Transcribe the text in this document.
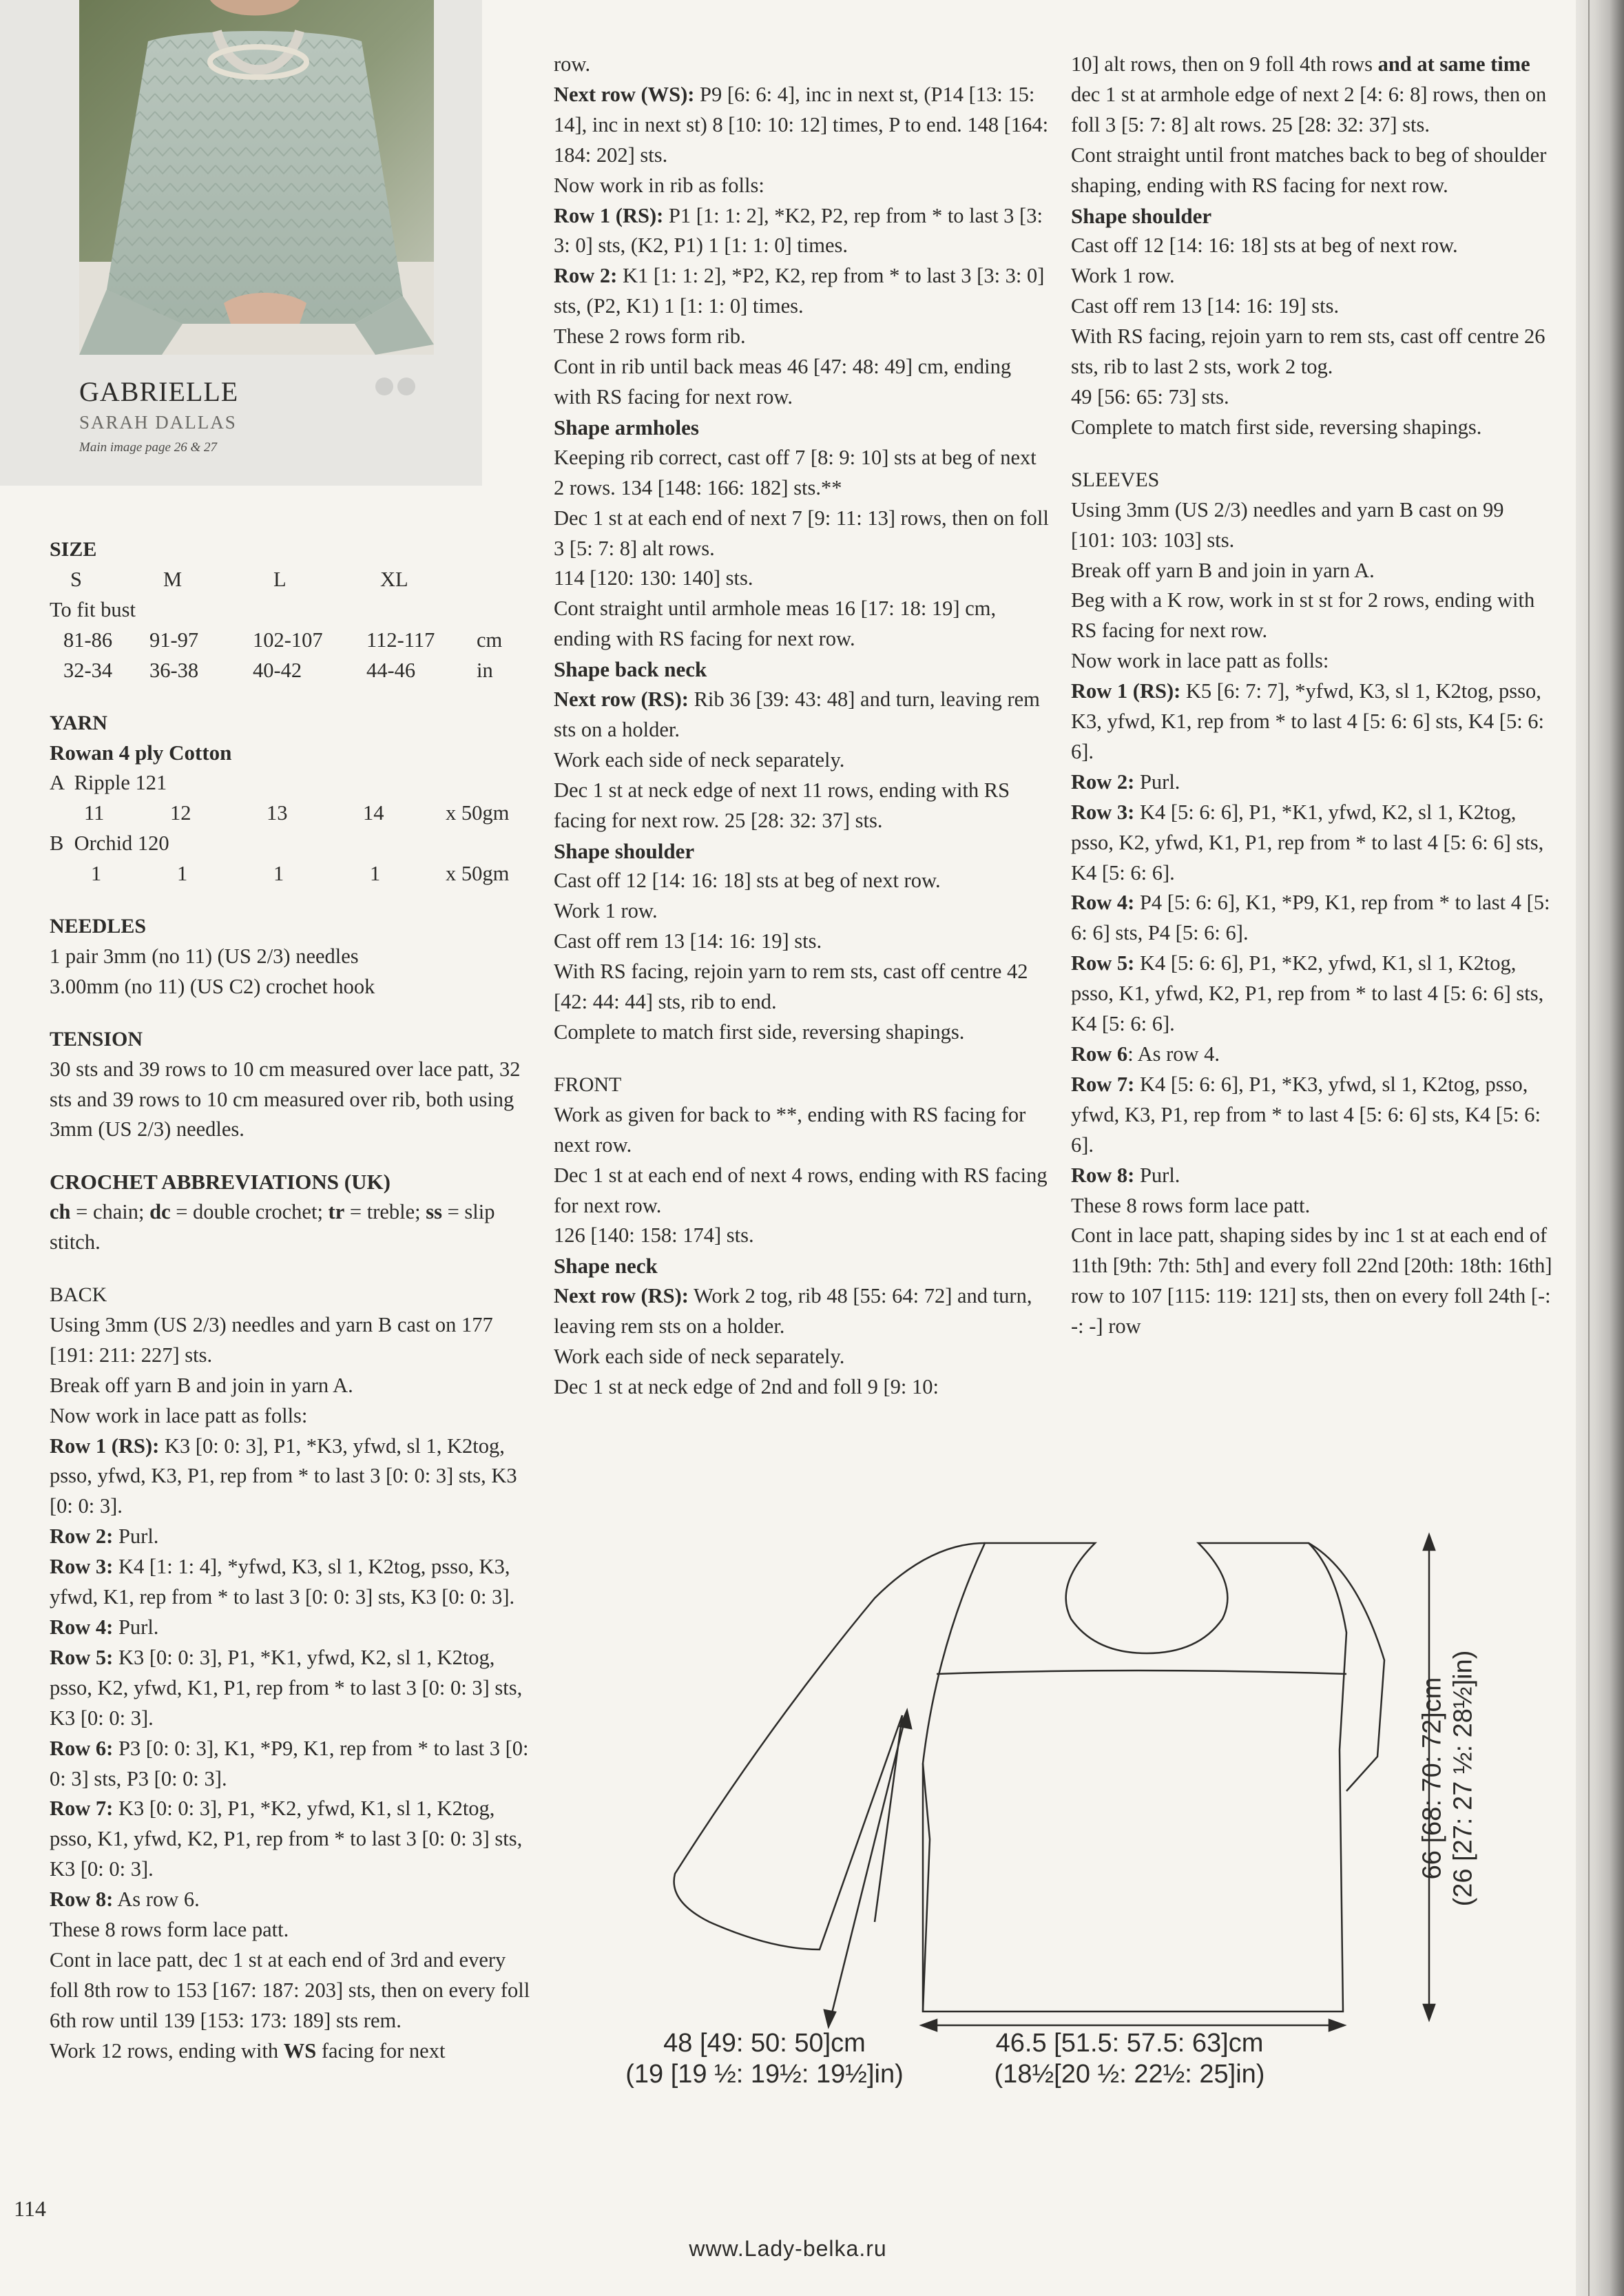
GABRIELLE
SARAH DALLAS
Main image page 26 & 27

SIZE

S	M	L	XL	
To fit bust				
81-86	91-97	102-107	112-117	cm
32-34	36-38	40-42	44-46	in

YARN

Rowan 4 ply Cotton

A  Ripple 121				
11	12	13	14	x 50gm
B  Orchid 120				
1	1	1	1	x 50gm

NEEDLES

1 pair 3mm (no 11) (US 2/3) needles

3.00mm (no 11) (US C2) crochet hook

TENSION

30 sts and 39 rows to 10 cm measured over lace patt, 32 sts and 39 rows to 10 cm measured over rib, both using 3mm (US 2/3) needles.

CROCHET ABBREVIATIONS (UK)

ch = chain; dc = double crochet; tr = treble; ss = slip stitch.

BACK

Using 3mm (US 2/3) needles and yarn B cast on 177 [191: 211: 227] sts.

Break off yarn B and join in yarn A.

Now work in lace patt as folls:

Row 1 (RS): K3 [0: 0: 3], P1, *K3, yfwd, sl 1, K2tog, psso, yfwd, K3, P1, rep from * to last 3 [0: 0: 3] sts, K3 [0: 0: 3].

Row 2: Purl.

Row 3: K4 [1: 1: 4], *yfwd, K3, sl 1, K2tog, psso, K3, yfwd, K1, rep from * to last 3 [0: 0: 3] sts, K3 [0: 0: 3].

Row 4: Purl.

Row 5: K3 [0: 0: 3], P1, *K1, yfwd, K2, sl 1, K2tog, psso, K2, yfwd, K1, P1, rep from * to last 3 [0: 0: 3] sts, K3 [0: 0: 3].

Row 6: P3 [0: 0: 3], K1, *P9, K1, rep from * to last 3 [0: 0: 3] sts, P3 [0: 0: 3].

Row 7: K3 [0: 0: 3], P1, *K2, yfwd, K1, sl 1, K2tog, psso, K1, yfwd, K2, P1, rep from * to last 3 [0: 0: 3] sts, K3 [0: 0: 3].

Row 8: As row 6.

These 8 rows form lace patt.

Cont in lace patt, dec 1 st at each end of 3rd and every foll 8th row to 153 [167: 187: 203] sts, then on every foll 6th row until 139 [153: 173: 189] sts rem.

Work 12 rows, ending with WS facing for next

row.

Next row (WS): P9 [6: 6: 4], inc in next st, (P14 [13: 15: 14], inc in next st) 8 [10: 10: 12] times, P to end. 148 [164: 184: 202] sts.

Now work in rib as folls:

Row 1 (RS): P1 [1: 1: 2], *K2, P2, rep from * to last 3 [3: 3: 0] sts, (K2, P1) 1 [1: 1: 0] times.

Row 2: K1 [1: 1: 2], *P2, K2, rep from * to last 3 [3: 3: 0] sts, (P2, K1) 1 [1: 1: 0] times.

These 2 rows form rib.

Cont in rib until back meas 46 [47: 48: 49] cm, ending with RS facing for next row.

Shape armholes

Keeping rib correct, cast off 7 [8: 9: 10] sts at beg of next 2 rows. 134 [148: 166: 182] sts.**

Dec 1 st at each end of next 7 [9: 11: 13] rows, then on foll 3 [5: 7: 8] alt rows.

114 [120: 130: 140] sts.

Cont straight until armhole meas 16 [17: 18: 19] cm, ending with RS facing for next row.

Shape back neck

Next row (RS): Rib 36 [39: 43: 48] and turn, leaving rem sts on a holder.

Work each side of neck separately.

Dec 1 st at neck edge of next 11 rows, ending with RS facing for next row. 25 [28: 32: 37] sts.

Shape shoulder

Cast off 12 [14: 16: 18] sts at beg of next row.

Work 1 row.

Cast off rem 13 [14: 16: 19] sts.

With RS facing, rejoin yarn to rem sts, cast off centre 42 [42: 44: 44] sts, rib to end.

Complete to match first side, reversing shapings.

FRONT

Work as given for back to **, ending with RS facing for next row.

Dec 1 st at each end of next 4 rows, ending with RS facing for next row.

126 [140: 158: 174] sts.

Shape neck

Next row (RS): Work 2 tog, rib 48 [55: 64: 72] and turn, leaving rem sts on a holder.

Work each side of neck separately.

Dec 1 st at neck edge of 2nd and foll 9 [9: 10:

10] alt rows, then on 9 foll 4th rows and at same time dec 1 st at armhole edge of next 2 [4: 6: 8] rows, then on foll 3 [5: 7: 8] alt rows. 25 [28: 32: 37] sts.

Cont straight until front matches back to beg of shoulder shaping, ending with RS facing for next row.

Shape shoulder

Cast off 12 [14: 16: 18] sts at beg of next row.

Work 1 row.

Cast off rem 13 [14: 16: 19] sts.

With RS facing, rejoin yarn to rem sts, cast off centre 26 sts, rib to last 2 sts, work 2 tog.

49 [56: 65: 73] sts.

Complete to match first side, reversing shapings.

SLEEVES

Using 3mm (US 2/3) needles and yarn B cast on 99 [101: 103: 103] sts.

Break off yarn B and join in yarn A.

Beg with a K row, work in st st for 2 rows, ending with RS facing for next row.

Now work in lace patt as folls:

Row 1 (RS): K5 [6: 7: 7], *yfwd, K3, sl 1, K2tog, psso, K3, yfwd, K1, rep from * to last 4 [5: 6: 6] sts, K4 [5: 6: 6].

Row 2: Purl.

Row 3: K4 [5: 6: 6], P1, *K1, yfwd, K2, sl 1, K2tog, psso, K2, yfwd, K1, P1, rep from * to last 4 [5: 6: 6] sts, K4 [5: 6: 6].

Row 4: P4 [5: 6: 6], K1, *P9, K1, rep from * to last 4 [5: 6: 6] sts, P4 [5: 6: 6].

Row 5: K4 [5: 6: 6], P1, *K2, yfwd, K1, sl 1, K2tog, psso, K1, yfwd, K2, P1, rep from * to last 4 [5: 6: 6] sts, K4 [5: 6: 6].

Row 6: As row 4.

Row 7: K4 [5: 6: 6], P1, *K3, yfwd, sl 1, K2tog, psso, yfwd, K3, P1, rep from * to last 4 [5: 6: 6] sts, K4 [5: 6: 6].

Row 8: Purl.

These 8 rows form lace patt.

Cont in lace patt, shaping sides by inc 1 st at each end of 11th [9th: 7th: 5th] and every foll 22nd [20th: 18th: 16th] row to 107 [115: 119: 121] sts, then on every foll 24th [-: -: -] row

48 [49: 50: 50]cm
(19 [19 ½: 19½: 19½]in)
46.5 [51.5: 57.5: 63]cm
(18½[20 ½: 22½: 25]in)
66 [68: 70: 72]cm (26 [27: 27 ½: 28½]in)
114
www.Lady-belka.ru
